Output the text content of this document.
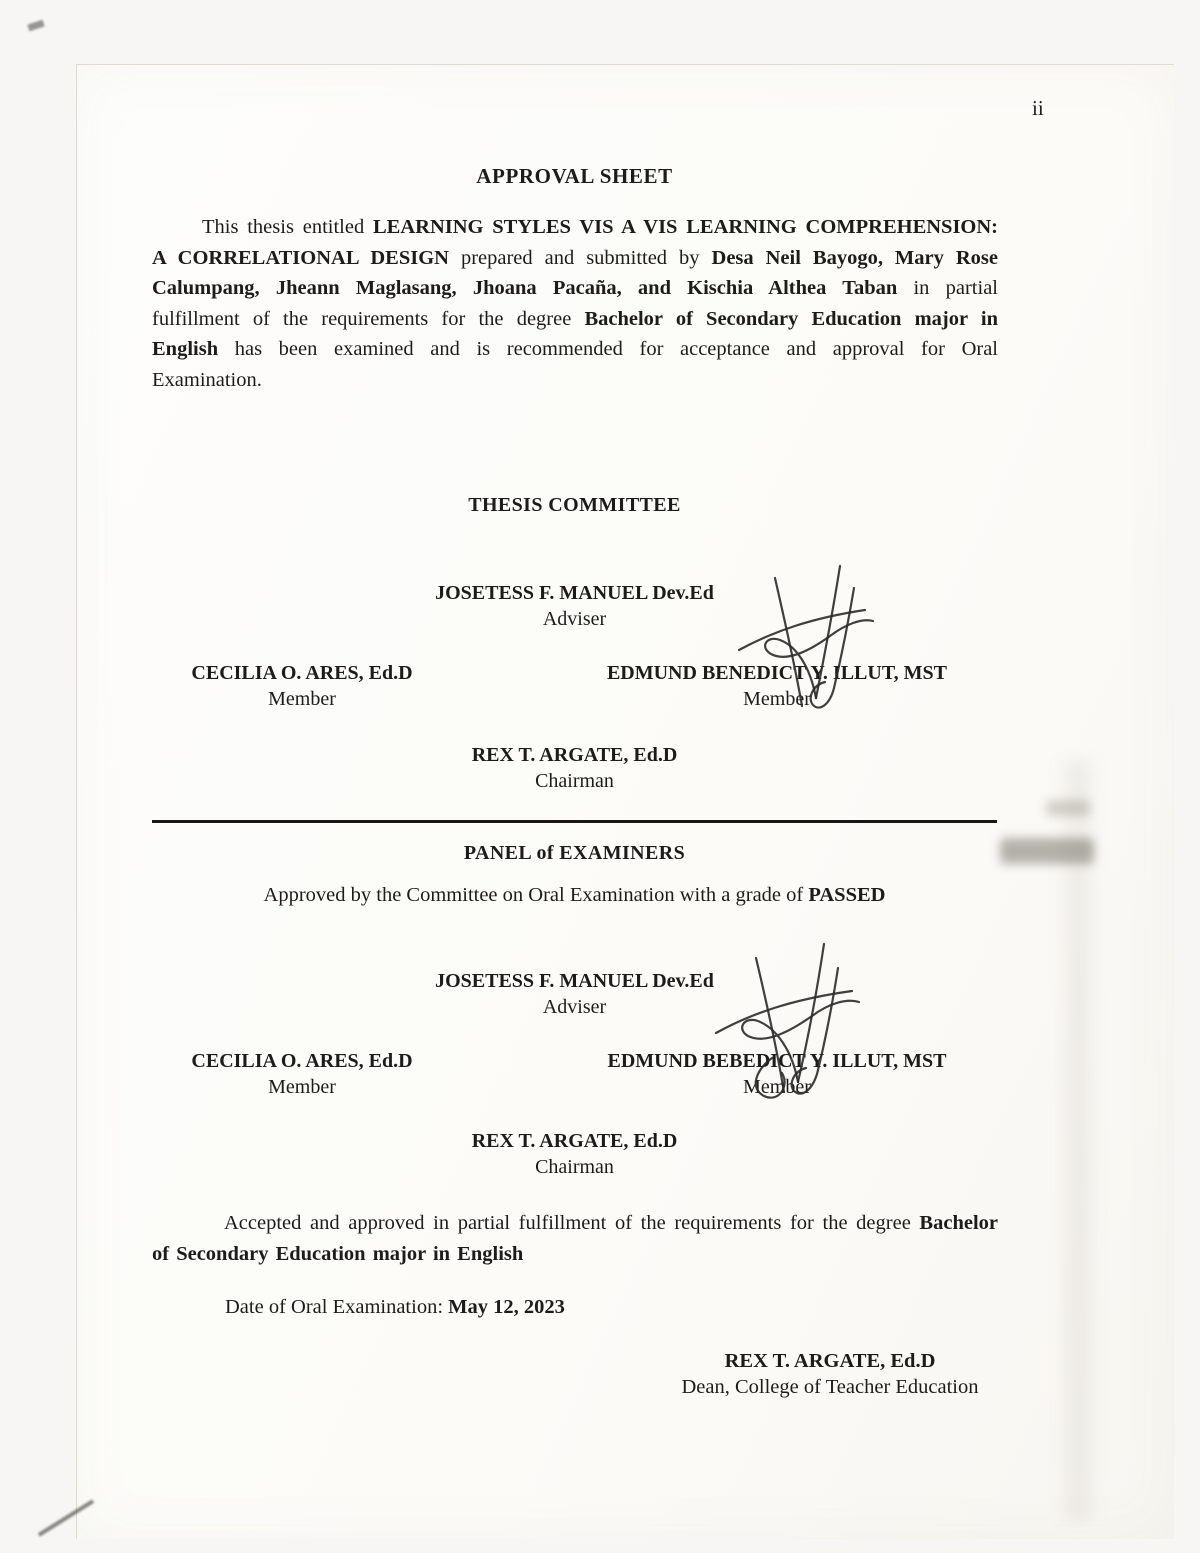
ii
APPROVAL SHEET

This thesis entitled LEARNING STYLES VIS A VIS LEARNING COMPREHENSION: A CORRELATIONAL DESIGN prepared and submitted by Desa Neil Bayogo, Mary Rose Calumpang, Jheann Maglasang, Jhoana Pacaña, and Kischia Althea Taban in partial fulfillment of the requirements for the degree Bachelor of Secondary Education major in English has been examined and is recommended for acceptance and approval for Oral Examination.

THESIS COMMITTEE
JOSETESS F. MANUEL Dev.Ed
Adviser
CECILIA O. ARES, Ed.D
Member
EDMUND BENEDICT Y. ILLUT, MST
Member
REX T. ARGATE, Ed.D
Chairman
PANEL of EXAMINERS
Approved by the Committee on Oral Examination with a grade of PASSED
JOSETESS F. MANUEL Dev.Ed
Adviser
CECILIA O. ARES, Ed.D
Member
EDMUND BEBEDICT Y. ILLUT, MST
Member
REX T. ARGATE, Ed.D
Chairman

Accepted and approved in partial fulfillment of the requirements for the degree Bachelor of Secondary Education major in English

Date of Oral Examination: May 12, 2023
REX T. ARGATE, Ed.D
Dean, College of Teacher Education
